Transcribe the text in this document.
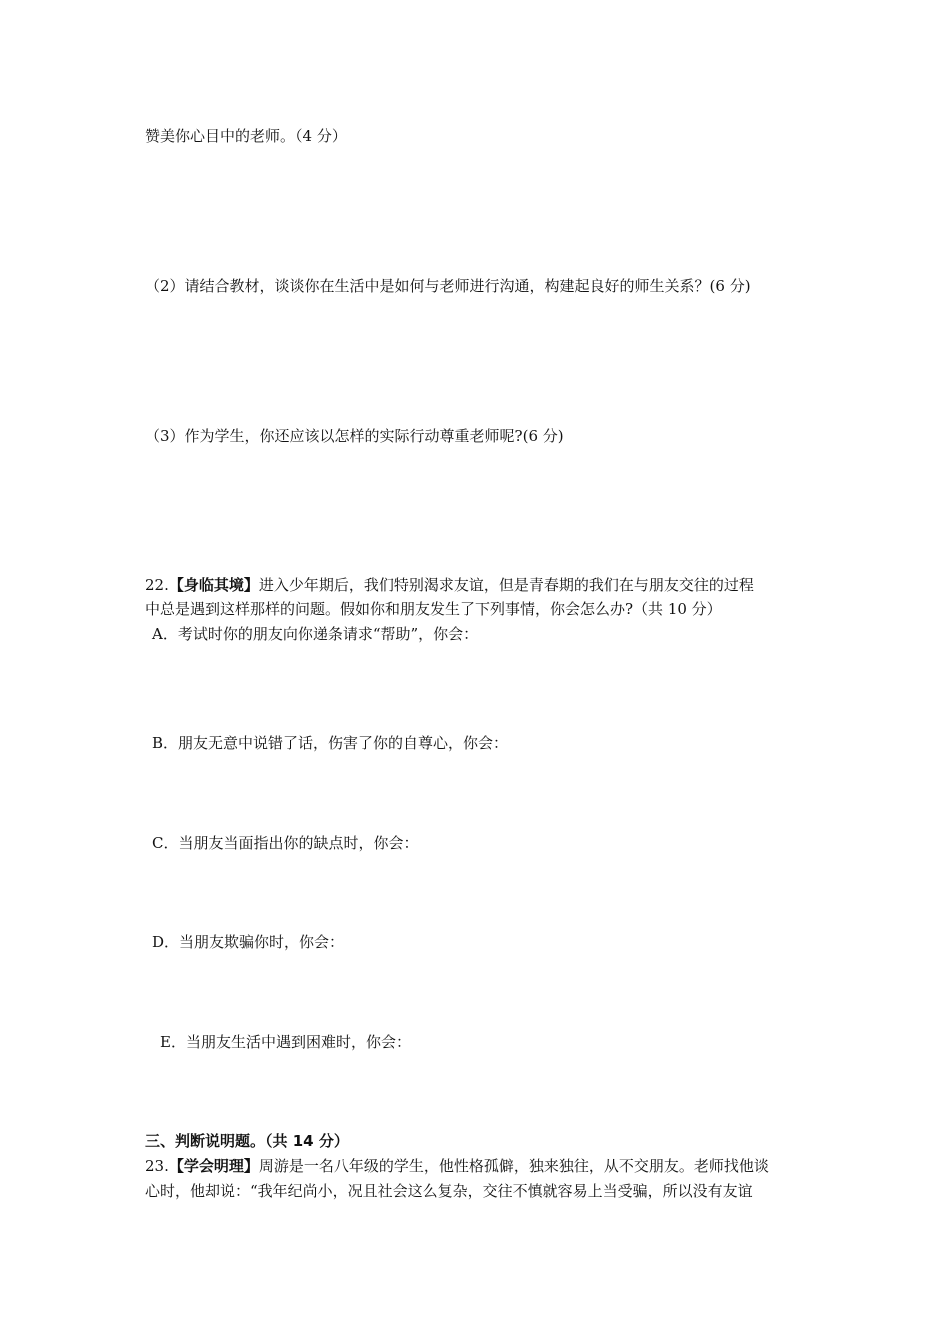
赞美你心目中的老师。（4 分）
（2）请结合教材，谈谈你在生活中是如何与老师进行沟通，构建起良好的师生关系？(6 分)
（3）作为学生，你还应该以怎样的实际行动尊重老师呢?(6 分)
22.【身临其境】进入少年期后，我们特别渴求友谊，但是青春期的我们在与朋友交往的过程
中总是遇到这样那样的问题。假如你和朋友发生了下列事情，你会怎么办?（共 10 分）
A．考试时你的朋友向你递条请求“帮助”，你会：
B．朋友无意中说错了话，伤害了你的自尊心，你会：
C．当朋友当面指出你的缺点时，你会：
D．当朋友欺骗你时，你会：
E．当朋友生活中遇到困难时，你会：
三、判断说明题。（共 14 分）
23.【学会明理】周游是一名八年级的学生，他性格孤僻，独来独往，从不交朋友。老师找他谈
心时，他却说：“我年纪尚小，况且社会这么复杂，交往不慎就容易上当受骗，所以没有友谊
